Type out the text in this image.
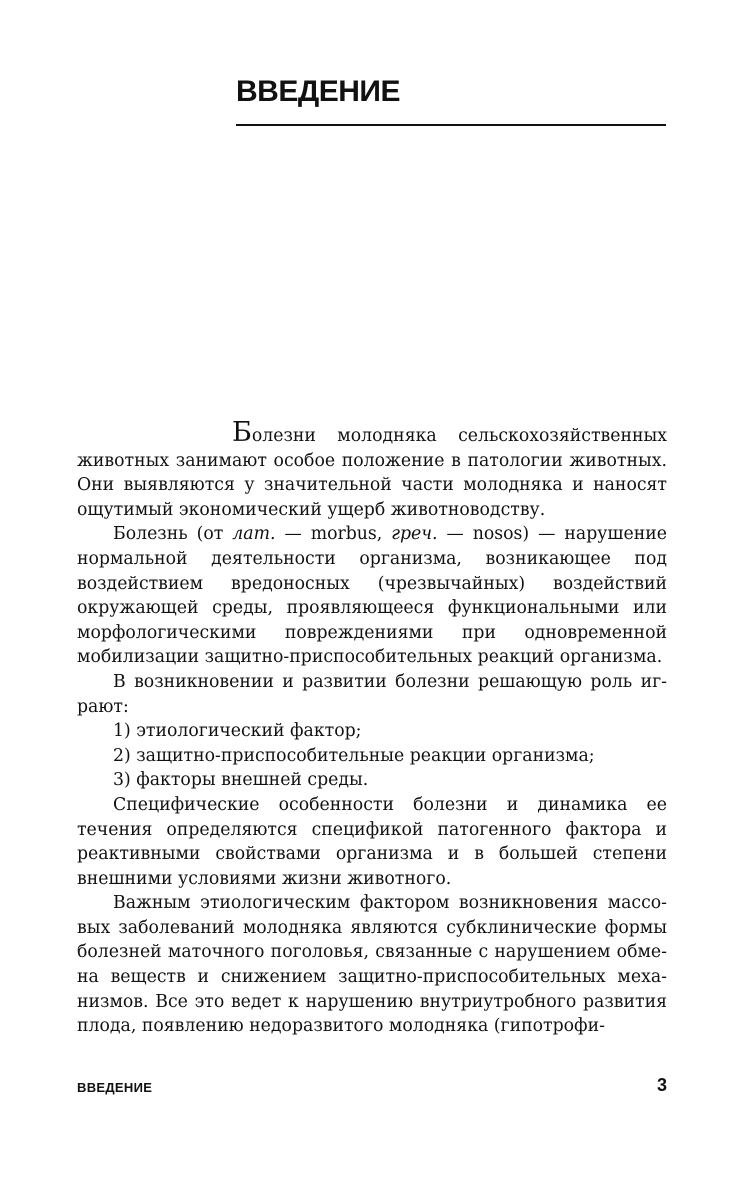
ВВЕДЕНИЕ

Болезни молодняка сельскохозяйственных животных занимают особое положение в патологии животных. Они выявляются у значительной части молодняка и наносят ощутимый экономический ущерб животноводству.

Болезнь (от лат. — morbus, греч. — nosos) — нарушение нормальной деятельности организма, возникающее под воздействием вредоносных (чрезвычайных) воздействий окружающей среды, проявляющееся функциональными или морфологическими повреждениями при одновременной мобилизации защитно-приспособительных реакций организма.

В возникновении и развитии болезни решающую роль играют:

1) этиологический фактор;

2) защитно-приспособительные реакции организма;

3) факторы внешней среды.

Специфические особенности болезни и динамика ее течения определяются спецификой патогенного фактора и реактивными свойствами организма и в большей степени внешними условиями жизни животного.

Важным этиологическим фактором возникновения массовых заболеваний молодняка являются субклинические формы болезней маточного поголовья, связанные с нарушением обмена веществ и снижением защитно-приспособительных механизмов. Все это ведет к нарушению внутриутробного развития плода, появлению недоразвитого молодняка (гипотрофи-

ВВЕДЕНИЕ	3
